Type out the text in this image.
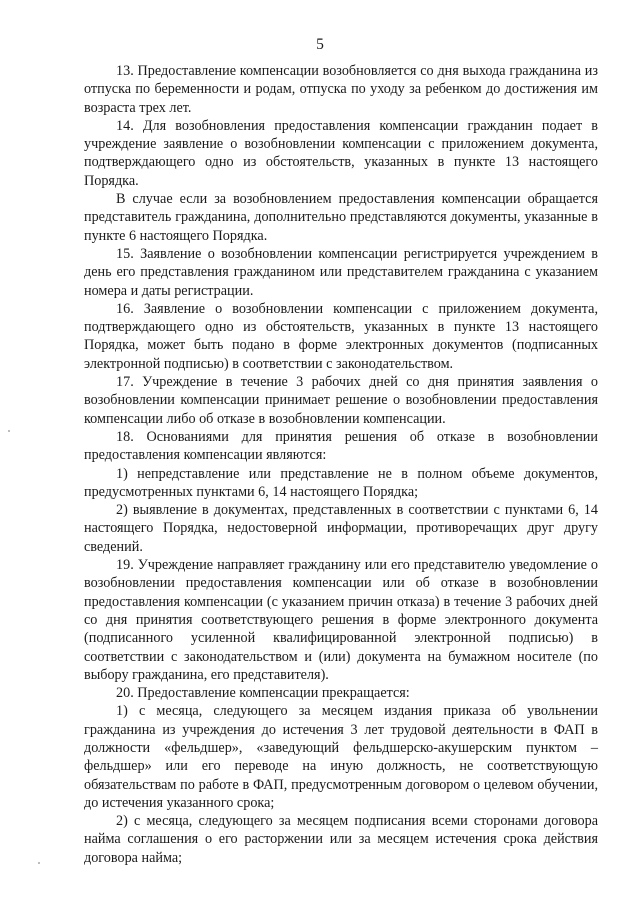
5

13. Предоставление компенсации возобновляется со дня выхода гражданина из отпуска по беременности и родам, отпуска по уходу за ребенком до достижения им возраста трех лет.

14. Для возобновления предоставления компенсации гражданин подает в учреждение заявление о возобновлении компенсации с приложением документа, подтверждающего одно из обстоятельств, указанных в пункте 13 настоящего Порядка.

В случае если за возобновлением предоставления компенсации обращается представитель гражданина, дополнительно представляются документы, указанные в пункте 6 настоящего Порядка.

15. Заявление о возобновлении компенсации регистрируется учреждением в день его представления гражданином или представителем гражданина с указанием номера и даты регистрации.

16. Заявление о возобновлении компенсации с приложением документа, подтверждающего одно из обстоятельств, указанных в пункте 13 настоящего Порядка, может быть подано в форме электронных документов (подписанных электронной подписью) в соответствии с законодательством.

17. Учреждение в течение 3 рабочих дней со дня принятия заявления о возобновлении компенсации принимает решение о возобновлении предоставления компенсации либо об отказе в возобновлении компенсации.

18. Основаниями для принятия решения об отказе в возобновлении предоставления компенсации являются:

1) непредставление или представление не в полном объеме документов, предусмотренных пунктами 6, 14 настоящего Порядка;

2) выявление в документах, представленных в соответствии с пунктами 6, 14 настоящего Порядка, недостоверной информации, противоречащих друг другу сведений.

19. Учреждение направляет гражданину или его представителю уведомление о возобновлении предоставления компенсации или об отказе в возобновлении предоставления компенсации (с указанием причин отказа) в течение 3 рабочих дней со дня принятия соответствующего решения в форме электронного документа (подписанного усиленной квалифицированной электронной подписью) в соответствии с законодательством и (или) документа на бумажном носителе (по выбору гражданина, его представителя).

20. Предоставление компенсации прекращается:

1) с месяца, следующего за месяцем издания приказа об увольнении гражданина из учреждения до истечения 3 лет трудовой деятельности в ФАП в должности «фельдшер», «заведующий фельдшерско-акушерским пунктом – фельдшер» или его переводе на иную должность, не соответствующую обязательствам по работе в ФАП, предусмотренным договором о целевом обучении, до истечения указанного срока;

2) с месяца, следующего за месяцем подписания всеми сторонами договора найма соглашения о его расторжении или за месяцем истечения срока действия договора найма;
